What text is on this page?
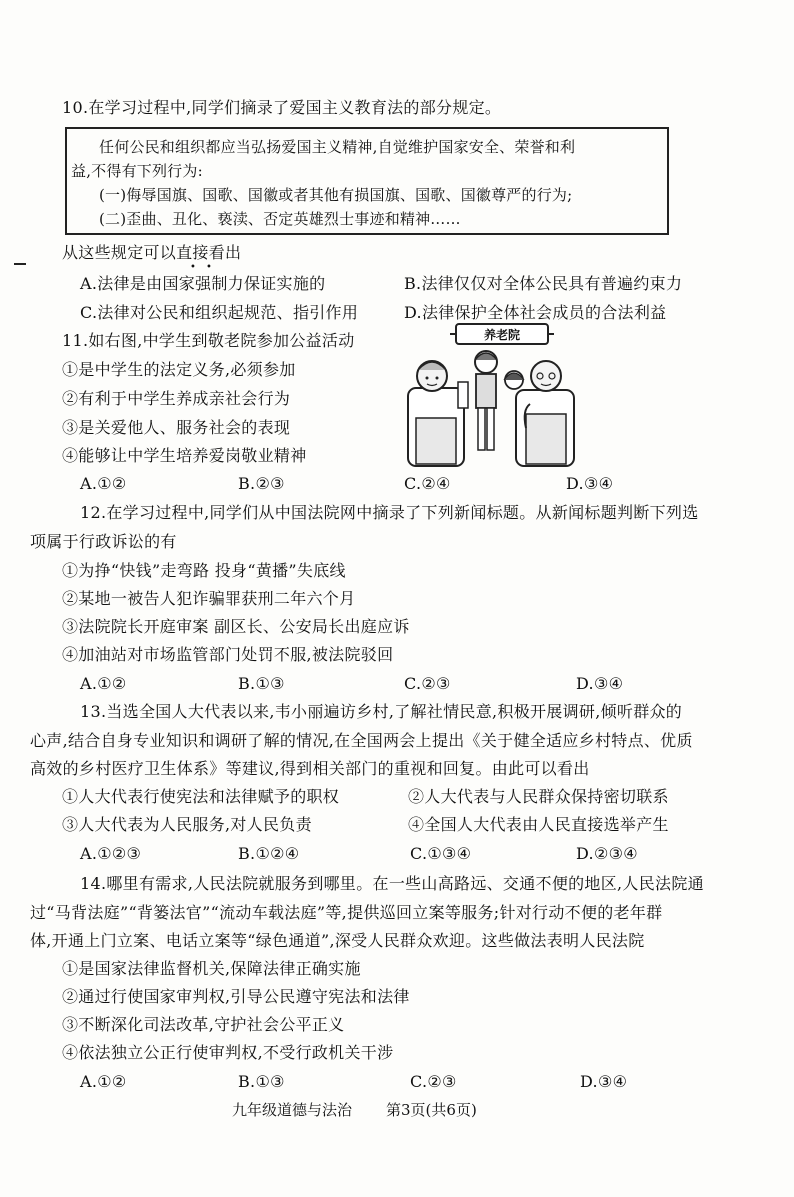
10.在学习过程中,同学们摘录了爱国主义教育法的部分规定。
任何公民和组织都应当弘扬爱国主义精神,自觉维护国家安全、荣誉和利
益,不得有下列行为:
(一)侮辱国旗、国歌、国徽或者其他有损国旗、国歌、国徽尊严的行为;
(二)歪曲、丑化、亵渎、否定英雄烈士事迹和精神……
从这些规定可以直接看出
• •
A.法律是由国家强制力保证实施的	B.法律仅仅对全体公民具有普遍约束力
C.法律对公民和组织起规范、指引作用	D.法律保护全体社会成员的合法利益
11.如右图,中学生到敬老院参加公益活动
①是中学生的法定义务,必须参加
②有利于中学生养成亲社会行为
③是关爱他人、服务社会的表现
④能够让中学生培养爱岗敬业精神
A.①②	B.②③	C.②④	D.③④
养老院
12.在学习过程中,同学们从中国法院网中摘录了下列新闻标题。从新闻标题判断下列选
项属于行政诉讼的有
①为挣“快钱”走弯路 投身“黄播”失底线
②某地一被告人犯诈骗罪获刑二年六个月
③法院院长开庭审案 副区长、公安局长出庭应诉
④加油站对市场监管部门处罚不服,被法院驳回
A.①②	B.①③	C.②③	D.③④
13.当选全国人大代表以来,韦小丽遍访乡村,了解社情民意,积极开展调研,倾听群众的
心声,结合自身专业知识和调研了解的情况,在全国两会上提出《关于健全适应乡村特点、优质
高效的乡村医疗卫生体系》等建议,得到相关部门的重视和回复。由此可以看出
①人大代表行使宪法和法律赋予的职权	②人大代表与人民群众保持密切联系
③人大代表为人民服务,对人民负责	④全国人大代表由人民直接选举产生
A.①②③	B.①②④	C.①③④	D.②③④
14.哪里有需求,人民法院就服务到哪里。在一些山高路远、交通不便的地区,人民法院通
过“马背法庭”“背篓法官”“流动车载法庭”等,提供巡回立案等服务;针对行动不便的老年群
体,开通上门立案、电话立案等“绿色通道”,深受人民群众欢迎。这些做法表明人民法院
①是国家法律监督机关,保障法律正确实施
②通过行使国家审判权,引导公民遵守宪法和法律
③不断深化司法改革,守护社会公平正义
④依法独立公正行使审判权,不受行政机关干涉
A.①②	B.①③	C.②③	D.③④
九年级道德与法治 第3页(共6页)
